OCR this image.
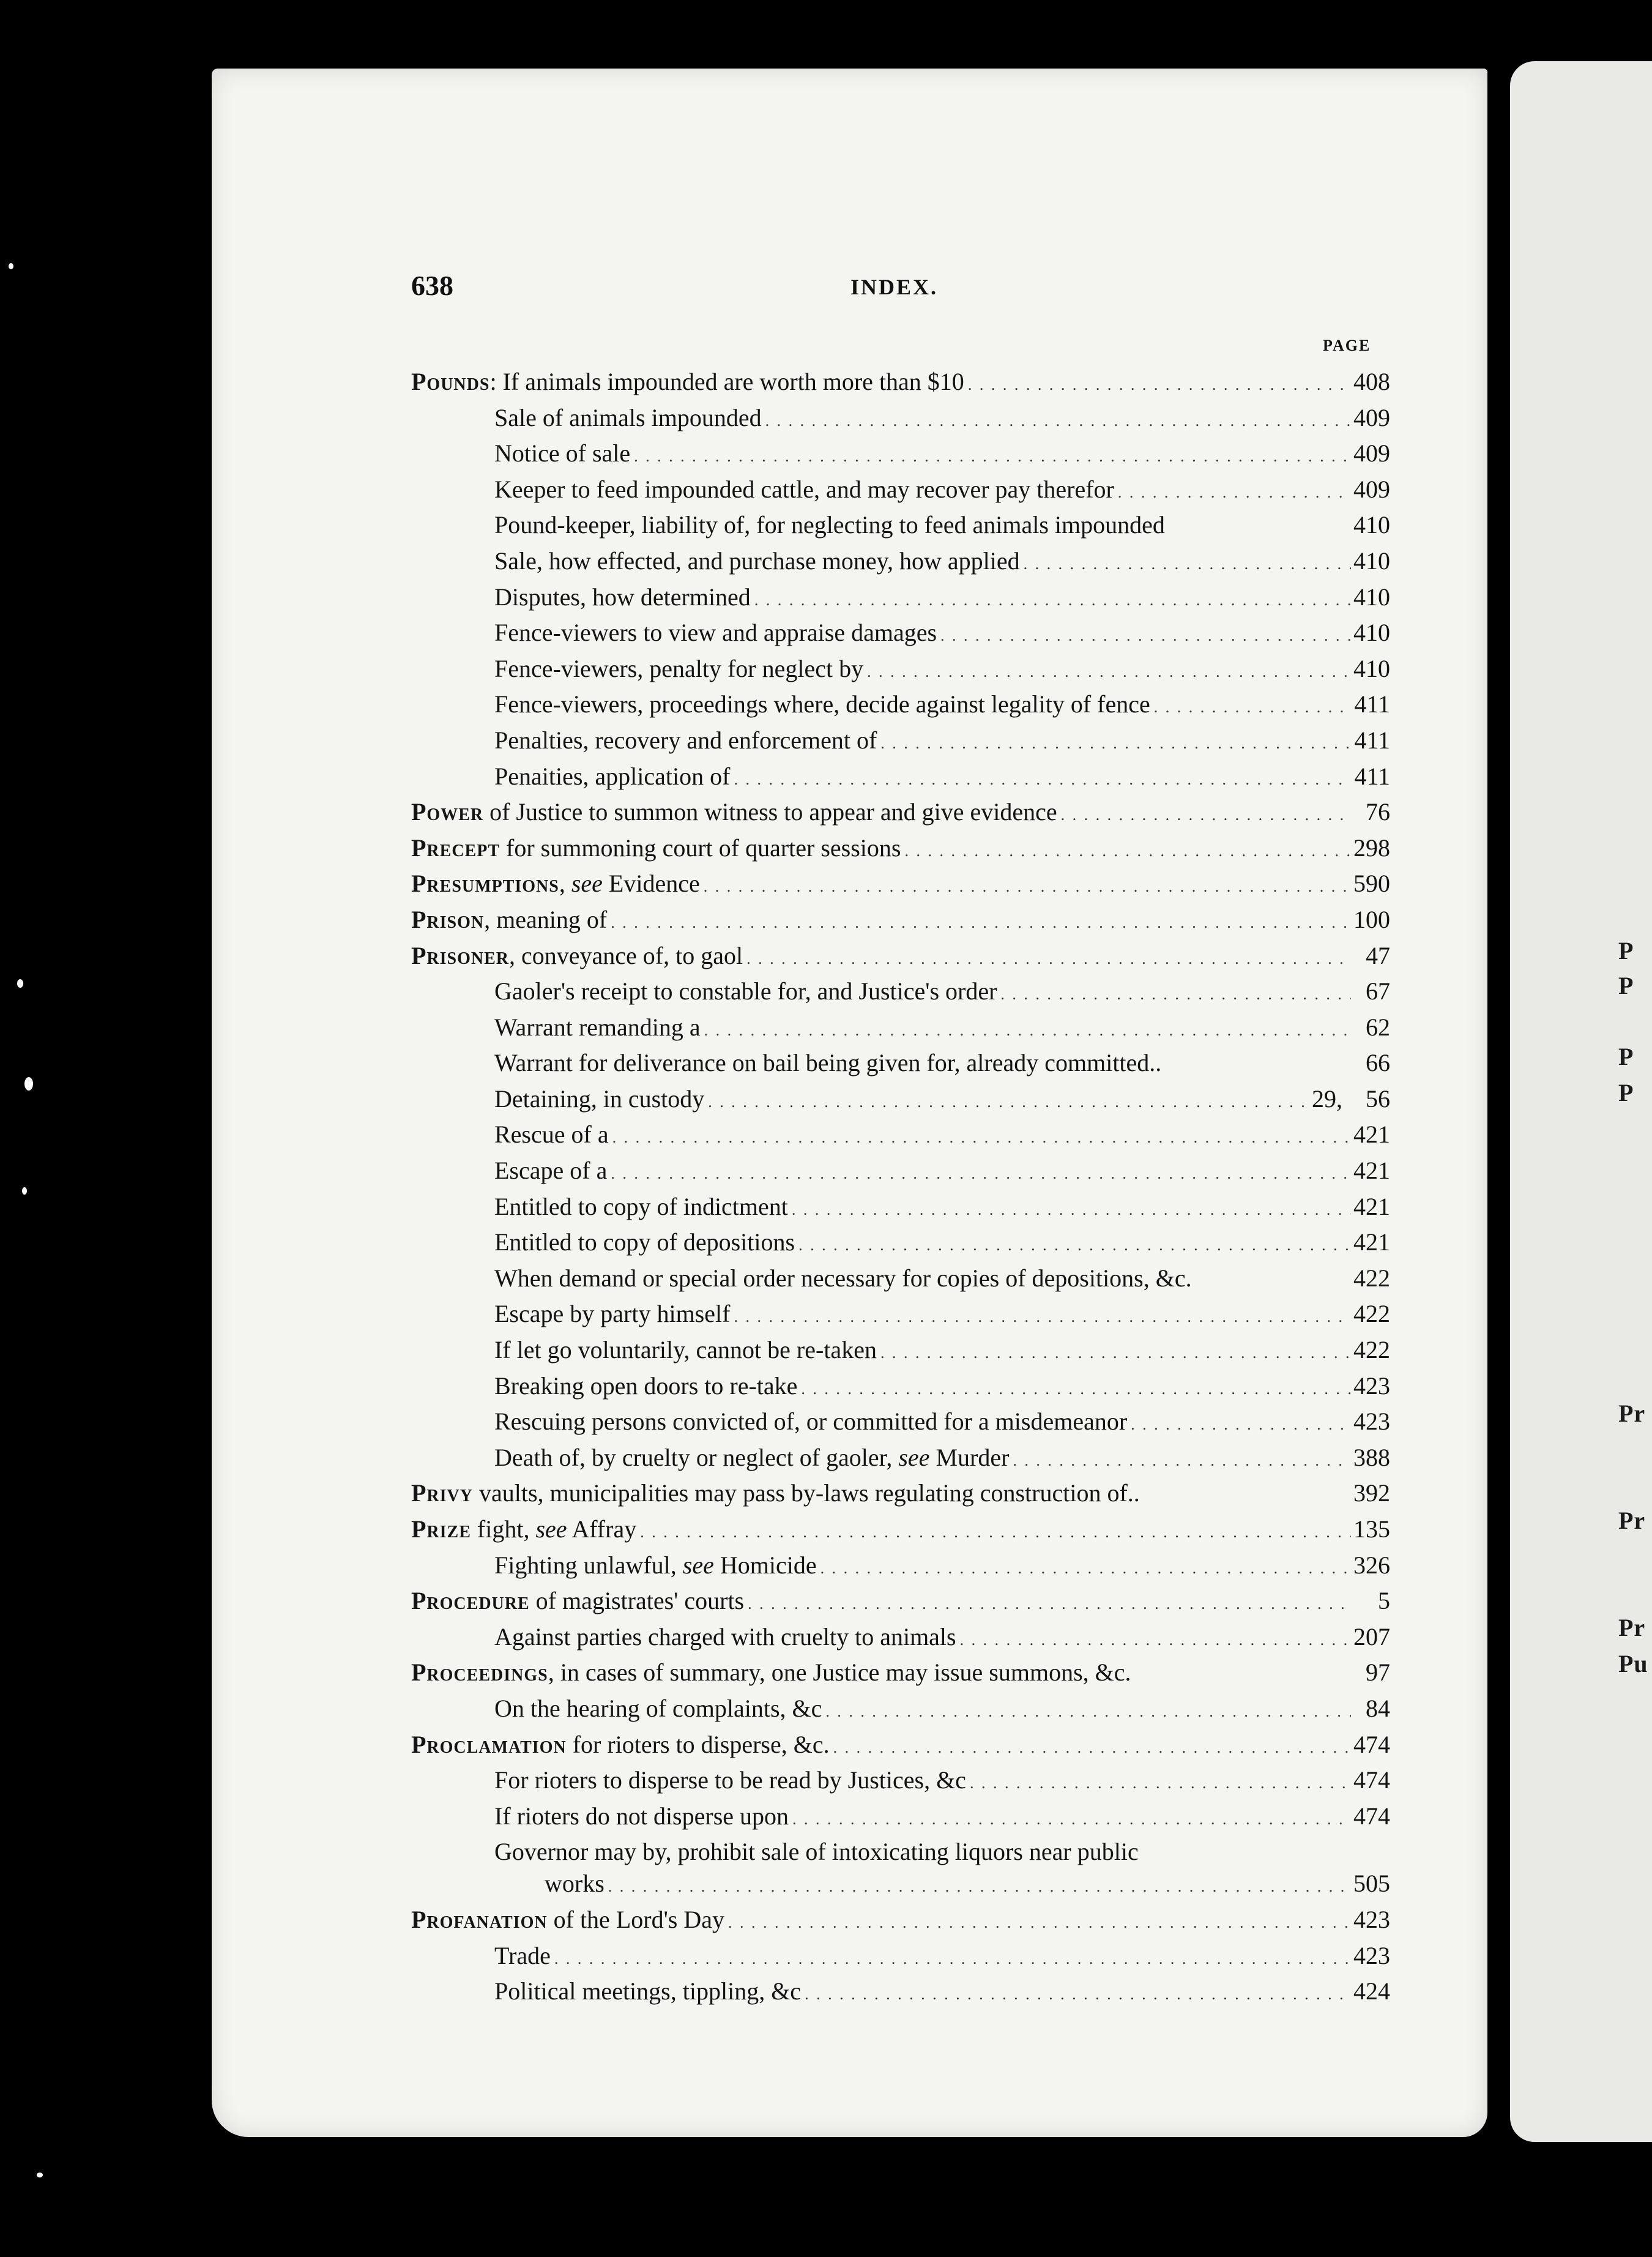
P
P
P
P
Pr
Pr
Pr
Pu
638	INDEX.
PAGE
Pounds: If animals impounded are worth more than $10 . . .	408
Sale of animals impounded . . .	409
Notice of sale . . .	409
Keeper to feed impounded cattle, and may recover pay therefor . . .	409
Pound-keeper, liability of, for neglecting to feed animals impounded	410
Sale, how effected, and purchase money, how applied . . .	410
Disputes, how determined . . .	410
Fence-viewers to view and appraise damages . . .	410
Fence-viewers, penalty for neglect by . . .	410
Fence-viewers, proceedings where, decide against legality of fence . . .	411
Penalties, recovery and enforcement of . . .	411
Penaities, application of . . .	411
Power of Justice to summon witness to appear and give evidence . . .	76
Precept for summoning court of quarter sessions . . .	298
Presumptions, see Evidence . . .	590
Prison, meaning of . . .	100
Prisoner, conveyance of, to gaol . . .	47
Gaoler's receipt to constable for, and Justice's order . . .	67
Warrant remanding a . . .	62
Warrant for deliverance on bail being given for, already committed..	66
Detaining, in custody . . .	29, 56
Rescue of a . . .	421
Escape of a . . .	421
Entitled to copy of indictment . . .	421
Entitled to copy of depositions . . .	421
When demand or special order necessary for copies of depositions, &c.	422
Escape by party himself . . .	422
If let go voluntarily, cannot be re-taken . . .	422
Breaking open doors to re-take . . .	423
Rescuing persons convicted of, or committed for a misdemeanor . . .	423
Death of, by cruelty or neglect of gaoler, see Murder . . .	388
Privy vaults, municipalities may pass by-laws regulating construction of..	392
Prize fight, see Affray . . .	135
Fighting unlawful, see Homicide . . .	326
Procedure of magistrates' courts . . .	5
Against parties charged with cruelty to animals . . .	207
Proceedings, in cases of summary, one Justice may issue summons, &c.	97
On the hearing of complaints, &c . . .	84
Proclamation for rioters to disperse, &c. . . .	474
For rioters to disperse to be read by Justices, &c . . .	474
If rioters do not disperse upon . . .	474
Governor may by, prohibit sale of intoxicating liquors near public
works . . .	505
Profanation of the Lord's Day . . .	423
Trade . . .	423
Political meetings, tippling, &c . . .	424
